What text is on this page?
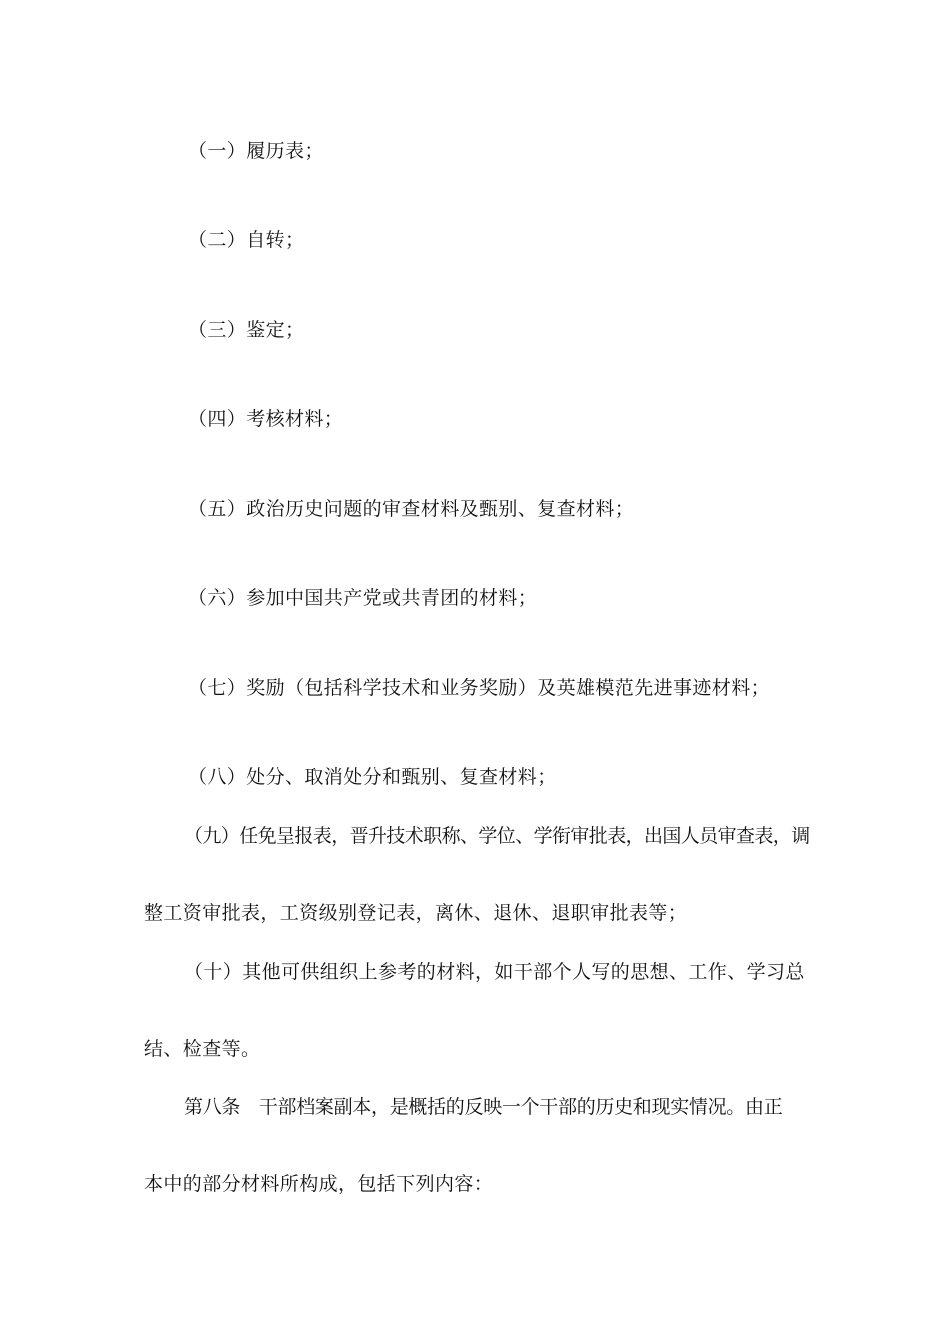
（一）履历表；
（二）自转；
（三）鉴定；
（四）考核材料；
（五）政治历史问题的审查材料及甄别、复查材料；
（六）参加中国共产党或共青团的材料；
（七）奖励（包括科学技术和业务奖励）及英雄模范先进事迹材料；
（八）处分、取消处分和甄别、复查材料；
（九）任免呈报表，晋升技术职称、学位、学衔审批表，出国人员审查表，调
整工资审批表，工资级别登记表，离休、退休、退职审批表等；
（十）其他可供组织上参考的材料，如干部个人写的思想、工作、学习总
结、检查等。
第八条　干部档案副本，是概括的反映一个干部的历史和现实情况。由正
本中的部分材料所构成，包括下列内容：
